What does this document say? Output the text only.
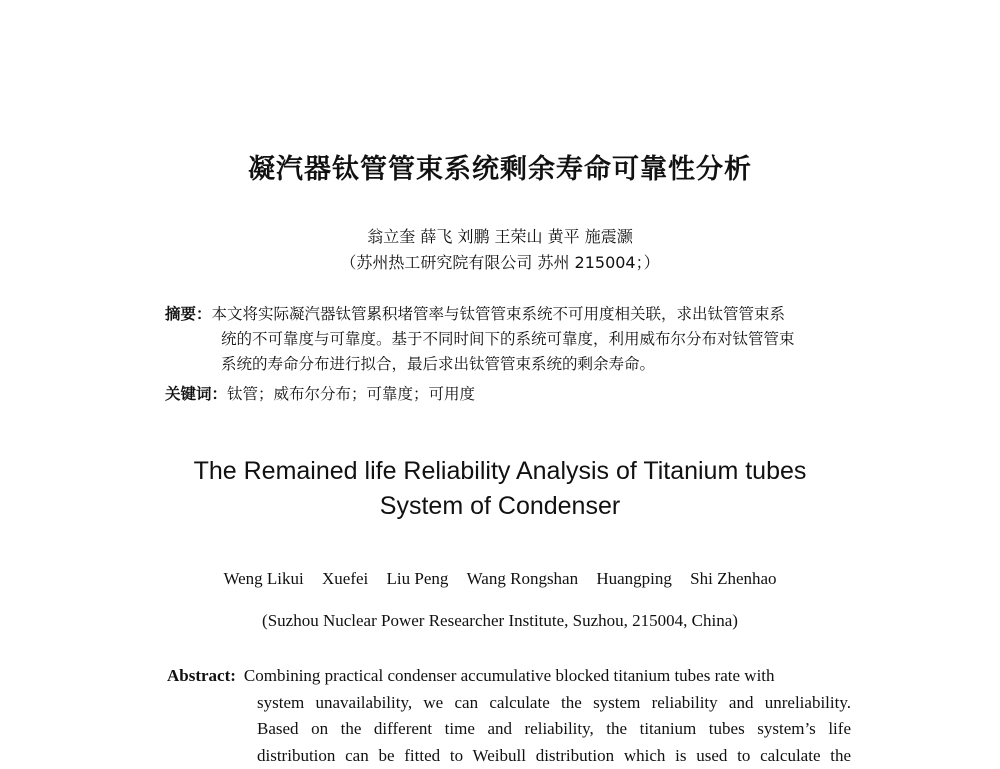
凝汽器钛管管束系统剩余寿命可靠性分析
翁立奎 薛飞 刘鹏 王荣山 黄平 施震灏
（苏州热工研究院有限公司 苏州 215004；）
摘要：本文将实际凝汽器钛管累积堵管率与钛管管束系统不可用度相关联，求出钛管管束系
统的不可靠度与可靠度。基于不同时间下的系统可靠度，利用威布尔分布对钛管管束
系统的寿命分布进行拟合，最后求出钛管管束系统的剩余寿命。
关键词：钛管；威布尔分布；可靠度；可用度
The Remained life Reliability Analysis of Titanium tubes
System of Condenser
Weng Likui Xuefei Liu Peng Wang Rongshan Huangping Shi Zhenhao
(Suzhou Nuclear Power Researcher Institute, Suzhou, 215004, China)
Abstract: Combining practical condenser accumulative blocked titanium tubes rate with
system unavailability, we can calculate the system reliability and unreliability.
Based on the different time and reliability, the titanium tubes system’s life
distribution can be fitted to Weibull distribution which is used to calculate the
